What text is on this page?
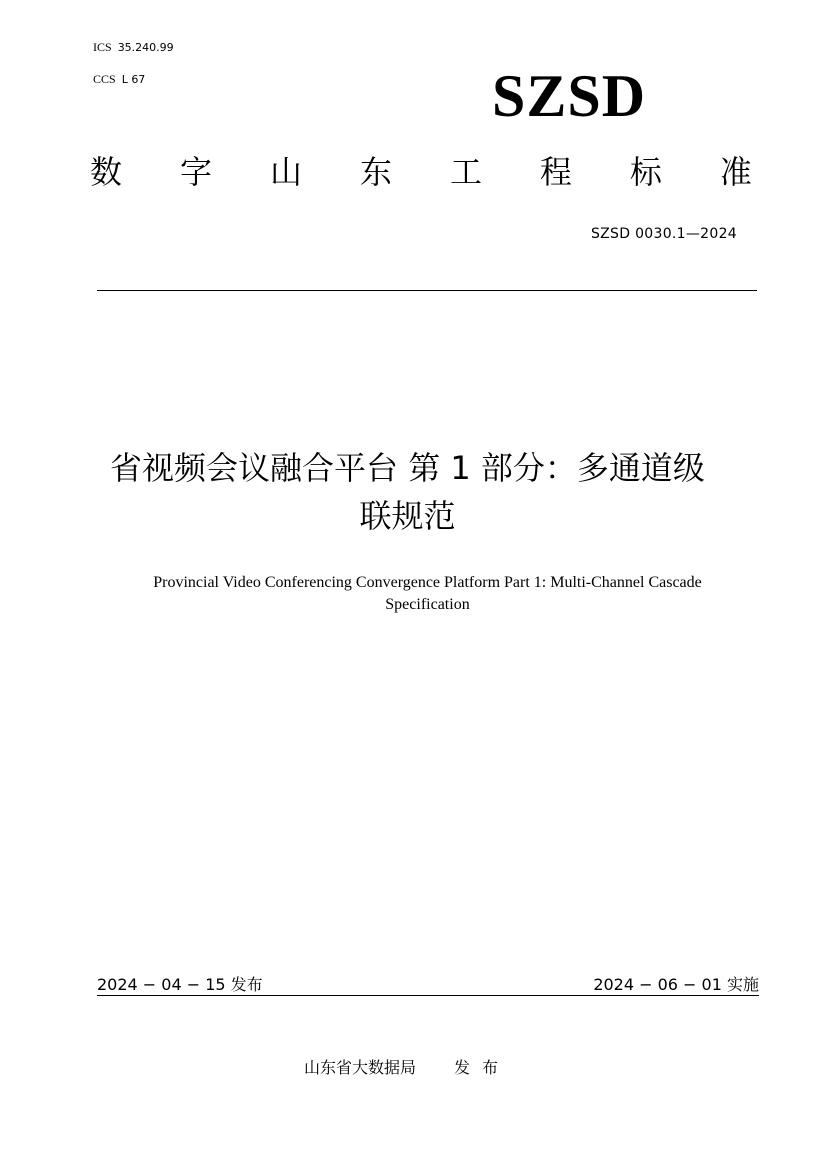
ICS 35.240.99
CCS L 67	SZSD
数 字 山 东 工 程 标 准
SZSD 0030.1—2024
省视频会议融合平台 第 1 部分：多通道级
联规范
Provincial Video Conferencing Convergence Platform Part 1: Multi-Channel Cascade
Specification
2024 − 04 − 15 发布	2024 − 06 − 01 实施
山东省大数据局 发布
